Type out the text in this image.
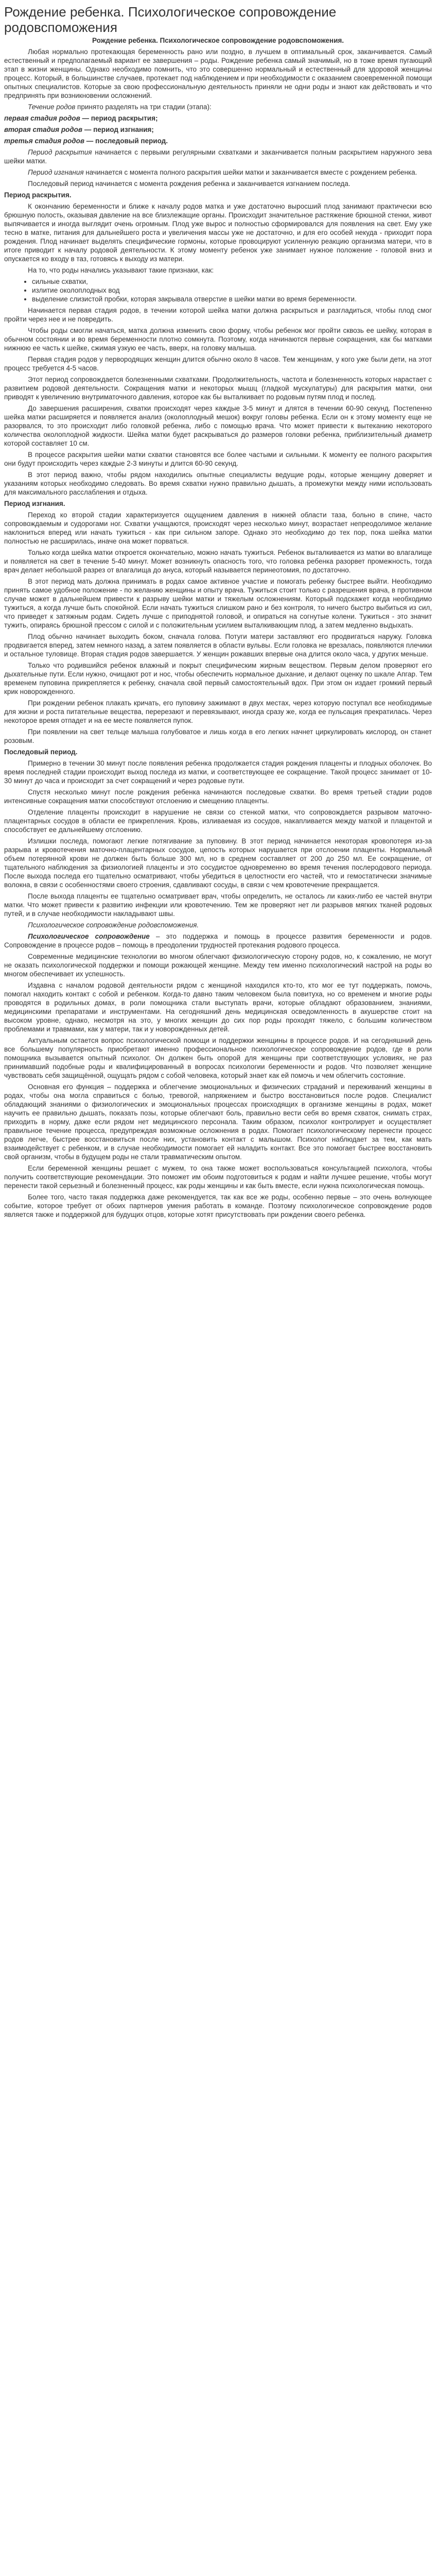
Рождение ребенка. Психологическое сопровождение родовспоможения

Рождение ребенка. Психологическое сопровождение родовспоможения.

Любая нормально протекающая беременность рано или поздно, в лучшем в оптимальный срок, заканчивается. Самый естественный и предполагаемый вариант ее завершения – роды. Рождение ребенка самый значимый, но в тоже время пугающий этап в жизни женщины. Однако необходимо помнить, что это совершенно нормальный и естественный для здоровой женщины процесс. Который, в большинстве случаев, протекает под наблюдением и при необходимости с оказанием своевременной помощи опытных специалистов. Которые за свою профессиональную деятельность приняли не одни роды и знают как действовать и что предпринять при возникновении осложнений.

Течение родов принято разделять на три стадии (этапа):

первая стадия родов — период раскрытия;

вторая стадия родов — период изгнания;

третья стадия родов — последовый период.

Период раскрытия начинается с первыми регулярными схватками и заканчивается полным раскрытием наружного зева шейки матки.

Период изгнания начинается с момента полного раскрытия шейки матки и заканчивается вместе с рождением ребенка.

Последовый период начинается с момента рождения ребенка и заканчивается изгнанием последа.

Период раскрытия.

К окончанию беременности и ближе к началу родов матка и уже достаточно выросший плод занимают практически всю брюшную полость, оказывая давление на все близлежащие органы. Происходит значительное растяжение брюшной стенки, живот выпячивается и иногда выглядит очень огромным. Плод уже вырос и полностью сформировался для появления на свет. Ему уже тесно в матке, питания для дальнейшего роста и увеличения массы уже не достаточно, и для его особей некуда - приходит пора рождения. Плод начинает выделять специфические гормоны, которые провоцируют усиленную реакцию организма матери, что в итоге приводит к началу родовой деятельности. К этому моменту ребенок уже занимает нужное положение - головой вниз и опускается ко входу в таз, готовясь к выходу из матери.

На то, что роды начались указывают такие признаки, как:

• сильные схватки,
• излитие околоплодных вод
• выделение слизистой пробки, которая закрывала отверстие в шейки матки во время беременности.

Начинается первая стадия родов, в течении которой шейка матки должна раскрыться и разгладиться, чтобы плод смог пройти через нее и не повредить.

Чтобы роды смогли начаться, матка должна изменить свою форму, чтобы ребенок мог пройти сквозь ее шейку, которая в обычном состоянии и во время беременности плотно сомкнута. Поэтому, когда начинаются первые сокращения, как бы матками нижнюю ее часть к шейке, сжимая узкую ее часть, вверх, на головку малыша.

Первая стадия родов у первородящих женщин длится обычно около 8 часов. Тем женщинам, у кого уже были дети, на этот процесс требуется 4-5 часов.

Этот период сопровождается болезненными схватками. Продолжительность, частота и болезненность которых нарастает с развитием родовой деятельности. Сокращения матки и некоторых мышц (гладкой мускулатуры) для раскрытия матки, они приводят к увеличению внутриматочного давления, которое как бы выталкивает по родовым путям плод и послед.

До завершения расширения, схватки происходят через каждые 3-5 минут и длятся в течении 60-90 секунд. Постепенно шейка матки расширяется и появляется анализ (околоплодный мешок) вокруг головы ребенка. Если он к этому моменту еще не разорвался, то это происходит либо головкой ребенка, либо с помощью врача. Что может привести к вытеканию некоторого количества околоплодной жидкости. Шейка матки будет раскрываться до размеров головки ребенка, приблизительный диаметр которой составляет 10 см.

В процессе раскрытия шейки матки схватки становятся все более частыми и сильными. К моменту ее полного раскрытия они будут происходить через каждые 2-3 минуты и длится 60-90 секунд.

В этот период важно, чтобы рядом находились опытные специалисты ведущие роды, которые женщину доверяет и указаниям которых необходимо следовать. Во время схватки нужно правильно дышать, а промежутки между ними использовать для максимального расслабления и отдыха.

Период изгнания.

Переход ко второй стадии характеризуется ощущением давления в нижней области таза, больно в спине, часто сопровождаемым и судорогами ног. Схватки учащаются, происходят через несколько минут, возрастает непреодолимое желание наклониться вперед или начать тужиться - как при сильном запоре. Однако это необходимо до тех пор, пока шейка матки полностью не расширилась, иначе она может порваться.

Только когда шейка матки откроется окончательно, можно начать тужиться. Ребенок выталкивается из матки во влагалище и появляется на свет в течение 5-40 минут. Может возникнуть опасность того, что головка ребенка разорвет промежность, тогда врач делает небольшой разрез от влагалища до ануса, который называется перинеотомия, по достаточно.

В этот период мать должна принимать в родах самое активное участие и помогать ребенку быстрее выйти. Необходимо принять самое удобное положение - по желанию женщины и опыту врача. Тужиться стоит только с разрешения врача, в противном случае может в дальнейшем привести к разрыву шейки матки и тяжелым осложнениям. Который подскажет когда необходимо тужиться, а когда лучше быть спокойной. Если начать тужиться слишком рано и без контроля, то ничего быстро выбиться из сил, что приведет к затяжным родам. Сидеть лучше с приподнятой головой, и опираться на согнутые колени. Тужиться - это значит тужить, опираясь брюшной прессом с силой и с положительным усилием выталкивающим плод, а затем медленно выдыхать.

Плод обычно начинает выходить боком, сначала голова. Потуги матери заставляют его продвигаться наружу. Головка продвигается вперед, затем немного назад, а затем появляется в области вульвы. Если головка не врезалась, появляются плечики и остальное туловище. Вторая стадия родов завершается. У женщин рожавших впервые она длится около часа, у других меньше.

Только что родившийся ребенок влажный и покрыт специфическим жирным веществом. Первым делом проверяют его дыхательные пути. Если нужно, очищают рот и нос, чтобы обеспечить нормальное дыхание, и делают оценку по шкале Апгар. Тем временем пуповина прикрепляется к ребенку, сначала свой первый самостоятельный вдох. При этом он издает громкий первый крик новорожденного.

При рождении ребенок плакать кричать, его пуповину зажимают в двух местах, через которую поступал все необходимые для жизни и роста питательные вещества, перерезают и перевязывают, иногда сразу же, когда ее пульсация прекратилась. Через некоторое время отпадет и на ее месте появляется пупок.

При появлении на свет тельце малыша голубоватое и лишь когда в его легких начнет циркулировать кислород, он станет розовым.

Последовый период.

Примерно в течении 30 минут после появления ребенка продолжается стадия рождения плаценты и плодных оболочек. Во время последней стадии происходит выход последа из матки, и соответствующее ее сокращение. Такой процесс занимает от 10-30 минут до часа и происходит за счет сокращений и через родовые пути.

Спустя несколько минут после рождения ребенка начинаются последовые схватки. Во время третьей стадии родов интенсивные сокращения матки способствуют отслоению и смещению плаценты.

Отделение плаценты происходит в нарушение не связи со стенкой матки, что сопровождается разрывом маточно-плацентарных сосудов в области ее прикрепления. Кровь, изливаемая из сосудов, накапливается между маткой и плацентой и способствует ее дальнейшему отслоению.

Излишки последа, помогают легкие потягивание за пуповину. В этот период начинается некоторая кровопотеря из-за разрыва и кровотечения маточно-плацентарных сосудов, цепость которых нарушается при отслоении плаценты. Нормальный объем потерянной крови не должен быть больше 300 мл, но в среднем составляет от 200 до 250 мл. Ее сокращение, от тщательного наблюдения за физиологией плаценты и это сосудистое одновременно во время течения послеродового периода. После выхода последа его тщательно осматривают, чтобы убедиться в целостности его частей, что и гемостатически значимые волокна, в связи с особенностями своего строения, сдавливают сосуды, в связи с чем кровотечение прекращается.

После выхода плаценты ее тщательно осматривает врач, чтобы определить, не осталось ли каких-либо ее частей внутри матки. Что может привести к развитию инфекции или кровотечению. Тем же проверяют нет ли разрывов мягких тканей родовых путей, и в случае необходимости накладывают швы.

Психологическое сопровождение родовспоможения.

Психологическое сопровождение – это поддержка и помощь в процессе развития беременности и родов. Сопровождение в процессе родов – помощь в преодолении трудностей протекания родового процесса.

Современные медицинские технологии во многом облегчают физиологическую сторону родов, но, к сожалению, не могут не оказать психологической поддержки и помощи рожающей женщине. Между тем именно психологический настрой на роды во многом обеспечивает их успешность.

Издавна с началом родовой деятельности рядом с женщиной находился кто-то, кто мог ее тут поддержать, помочь, помогал находить контакт с собой и ребенком. Когда-то давно таким человеком была повитуха, но со временем и многие роды проводятся в родильных домах, в роли помощника стали выступать врачи, которые обладают образованием, знаниями, медицинскими препаратами и инструментами. На сегодняшний день медицинская осведомленность в акушерстве стоит на высоком уровне, однако, несмотря на это, у многих женщин до сих пор роды проходят тяжело, с большим количеством проблемами и травмами, как у матери, так и у новорожденных детей.

Актуальным остается вопрос психологической помощи и поддержки женщины в процессе родов. И на сегодняшний день все большему популярность приобретают именно профессиональное психологическое сопровождение родов, где в роли помощника вызывается опытный психолог. Он должен быть опорой для женщины при соответствующих условиях, не раз принимавший подобные роды и квалифицированный в вопросах психологии беременности и родов. Что позволяет женщине чувствовать себя защищённой, ощущать рядом с собой человека, который знает как ей помочь и чем облегчить состояние.

Основная его функция – поддержка и облегчение эмоциональных и физических страданий и переживаний женщины в родах, чтобы она могла справиться с болью, тревогой, напряжением и быстро восстановиться после родов. Специалист обладающий знаниями о физиологических и эмоциональных процессах происходящих в организме женщины в родах, может научить ее правильно дышать, показать позы, которые облегчают боль, правильно вести себя во время схваток, снимать страх, приходить в норму, даже если рядом нет медицинского персонала. Таким образом, психолог контролирует и осуществляет правильное течение процесса, предупреждая возможные осложнения в родах. Помогает психологическому перенести процесс родов легче, быстрее восстановиться после них, установить контакт с малышом. Психолог наблюдает за тем, как мать взаимодействует с ребенком, и в случае необходимости помогает ей наладить контакт. Все это помогает быстрее восстановить свой организм, чтобы в будущем роды не стали травматическим опытом.

Если беременной женщины решает с мужем, то она также может воспользоваться консультацией психолога, чтобы получить соответствующие рекомендации. Это поможет им обоим подготовиться к родам и найти лучшее решение, чтобы могут перенести такой серьезный и болезненный процесс, как роды женщины и как быть вместе, если нужна психологическая помощь.

Более того, часто такая поддержка даже рекомендуется, так как все же роды, особенно первые – это очень волнующее событие, которое требует от обоих партнеров умения работать в команде. Поэтому психологическое сопровождение родов является также и поддержкой для будущих отцов, которые хотят присутствовать при рождении своего ребенка.
